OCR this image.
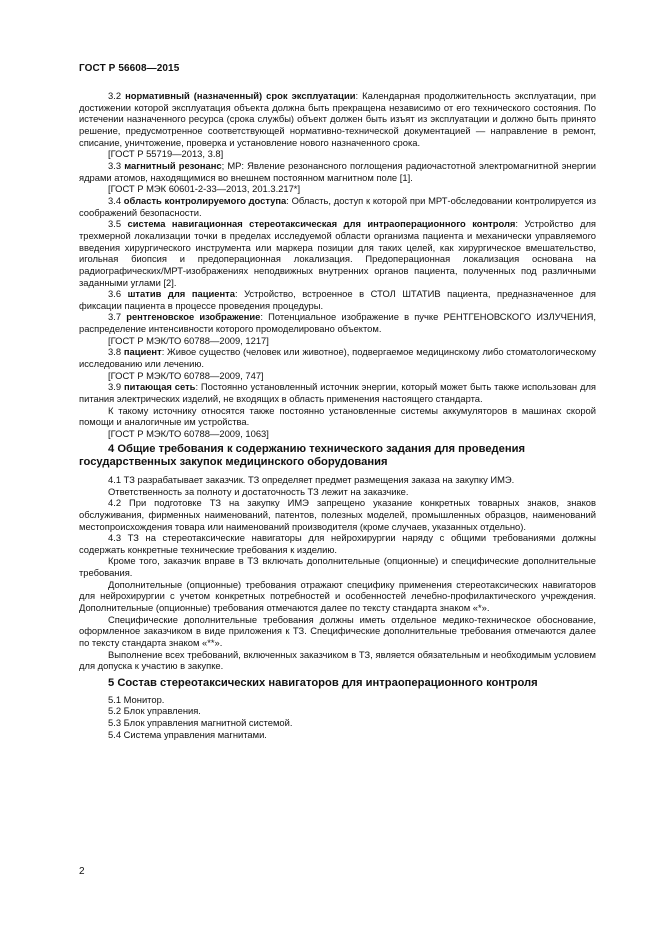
ГОСТ Р 56608—2015

3.2 нормативный (назначенный) срок эксплуатации: Календарная продолжительность эксплуатации, при достижении которой эксплуатация объекта должна быть прекращена независимо от его технического состояния. По истечении назначенного ресурса (срока службы) объект должен быть изъят из эксплуатации и должно быть принято решение, предусмотренное соответствующей нормативно-технической документацией — направление в ремонт, списание, уничтожение, проверка и установление нового назначенного срока.

[ГОСТ Р 55719—2013, 3.8]

3.3 магнитный резонанс; MP: Явление резонансного поглощения радиочастотной электромагнитной энергии ядрами атомов, находящимися во внешнем постоянном магнитном поле [1].

[ГОСТ Р МЭК 60601-2-33—2013, 201.3.217*]

3.4 область контролируемого доступа: Область, доступ к которой при МРТ-обследовании контролируется из соображений безопасности.

3.5 система навигационная стереотаксическая для интраоперационного контроля: Устройство для трехмерной локализации точки в пределах исследуемой области организма пациента и механически управляемого введения хирургического инструмента или маркера позиции для таких целей, как хирургическое вмешательство, игольная биопсия и предоперационная локализация. Предоперационная локализация основана на радиографических/МРТ-изображениях неподвижных внутренних органов пациента, полученных под различными заданными углами [2].

3.6 штатив для пациента: Устройство, встроенное в СТОЛ ШТАТИВ пациента, предназначенное для фиксации пациента в процессе проведения процедуры.

3.7 рентгеновское изображение: Потенциальное изображение в пучке РЕНТГЕНОВСКОГО ИЗЛУЧЕНИЯ, распределение интенсивности которого промоделировано объектом.

[ГОСТ Р МЭК/ТО 60788—2009, 1217]

3.8 пациент: Живое существо (человек или животное), подвергаемое медицинскому либо стоматологическому исследованию или лечению.

[ГОСТ Р МЭК/ТО 60788—2009, 747]

3.9 питающая сеть: Постоянно установленный источник энергии, который может быть также использован для питания электрических изделий, не входящих в область применения настоящего стандарта.

К такому источнику относятся также постоянно установленные системы аккумуляторов в машинах скорой помощи и аналогичные им устройства.

[ГОСТ Р МЭК/ТО 60788—2009, 1063]

4 Общие требования к содержанию технического задания для проведения государственных закупок медицинского оборудования

4.1 ТЗ разрабатывает заказчик. ТЗ определяет предмет размещения заказа на закупку ИМЭ.

Ответственность за полноту и достаточность ТЗ лежит на заказчике.

4.2 При подготовке ТЗ на закупку ИМЭ запрещено указание конкретных товарных знаков, знаков обслуживания, фирменных наименований, патентов, полезных моделей, промышленных образцов, наименований местопроисхождения товара или наименований производителя (кроме случаев, указанных отдельно).

4.3 ТЗ на стереотаксические навигаторы для нейрохирургии наряду с общими требованиями должны содержать конкретные технические требования к изделию.

Кроме того, заказчик вправе в ТЗ включать дополнительные (опционные) и специфические дополнительные требования.

Дополнительные (опционные) требования отражают специфику применения стереотаксических навигаторов для нейрохирургии с учетом конкретных потребностей и особенностей лечебно-профилактического учреждения. Дополнительные (опционные) требования отмечаются далее по тексту стандарта знаком «*».

Специфические дополнительные требования должны иметь отдельное медико-техническое обоснование, оформленное заказчиком в виде приложения к ТЗ. Специфические дополнительные требования отмечаются далее по тексту стандарта знаком «**».

Выполнение всех требований, включенных заказчиком в ТЗ, является обязательным и необходимым условием для допуска к участию в закупке.

5 Состав стереотаксических навигаторов для интраоперационного контроля
5.1 Монитор.
5.2 Блок управления.
5.3 Блок управления магнитной системой.
5.4 Система управления магнитами.
2
